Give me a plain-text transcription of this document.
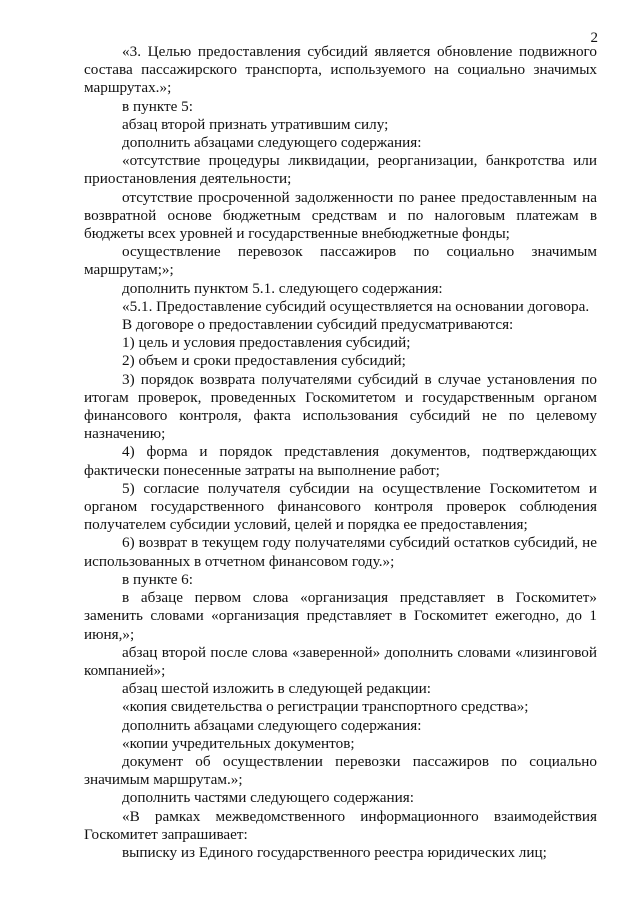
2

«3. Целью предоставления субсидий является обновление подвижного состава пассажирского транспорта, используемого на социально значимых маршрутах.»;

в пункте 5:

абзац второй признать утратившим силу;

дополнить абзацами следующего содержания:

«отсутствие процедуры ликвидации, реорганизации, банкротства или приостановления деятельности;

отсутствие просроченной задолженности по ранее предоставленным на возвратной основе бюджетным средствам и по налоговым платежам в бюджеты всех уровней и государственные внебюджетные фонды;

осуществление перевозок пассажиров по социально значимым маршрутам;»;

дополнить пунктом 5.1. следующего содержания:

«5.1. Предоставление субсидий осуществляется на основании договора.

В договоре о предоставлении субсидий предусматриваются:

1) цель и условия предоставления субсидий;

2) объем и сроки предоставления субсидий;

3) порядок возврата получателями субсидий в случае установления по итогам проверок, проведенных Госкомитетом и государственным органом финансового контроля, факта использования субсидий не по целевому назначению;

4) форма и порядок представления документов, подтверждающих фактически понесенные затраты на выполнение работ;

5) согласие получателя субсидии на осуществление Госкомитетом и органом государственного финансового контроля проверок соблюдения получателем субсидии условий, целей и порядка ее предоставления;

6) возврат в текущем году получателями субсидий остатков субсидий, не использованных в отчетном финансовом году.»;

в пункте 6:

в абзаце первом слова «организация представляет в Госкомитет» заменить словами «организация представляет в Госкомитет ежегодно, до 1 июня,»;

абзац второй после слова «заверенной» дополнить словами «лизинговой компанией»;

абзац шестой изложить в следующей редакции:

«копия свидетельства о регистрации транспортного средства»;

дополнить абзацами следующего содержания:

«копии учредительных документов;

документ об осуществлении перевозки пассажиров по социально значимым маршрутам.»;

дополнить частями следующего содержания:

«В рамках межведомственного информационного взаимодействия Госкомитет запрашивает:

выписку из Единого государственного реестра юридических лиц;
